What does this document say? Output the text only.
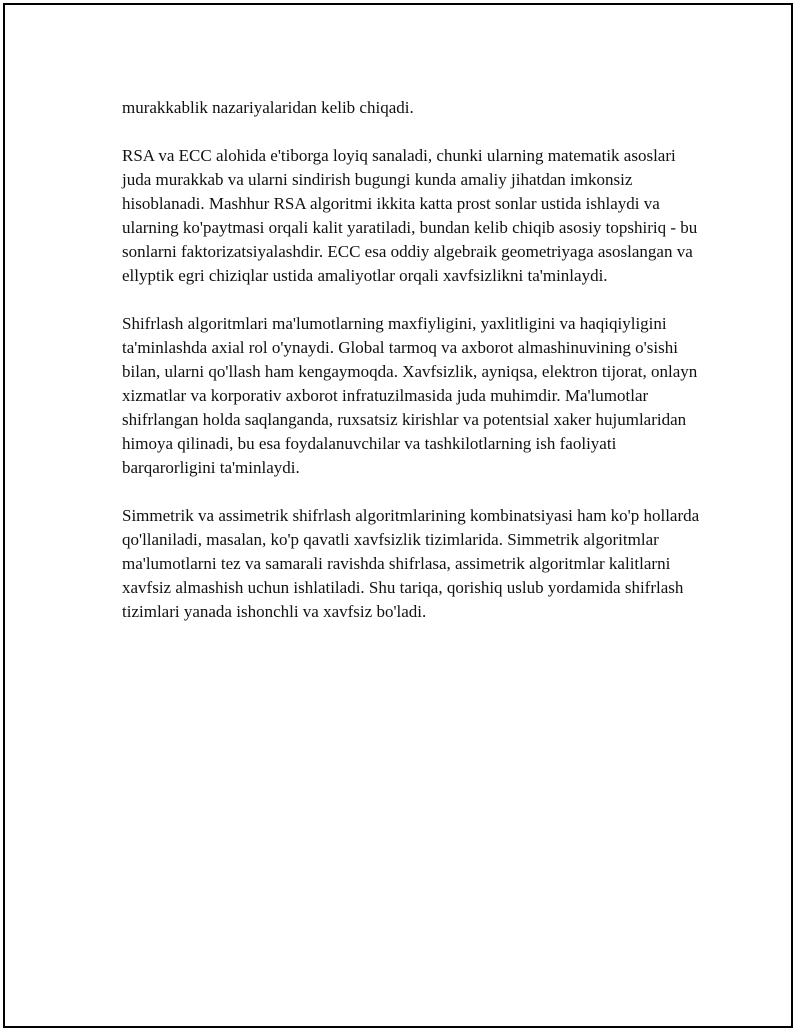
murakkablik nazariyalaridan kelib chiqadi.

RSA va ECC alohida e'tiborga loyiq sanaladi, chunki ularning matematik asoslari juda murakkab va ularni sindirish bugungi kunda amaliy jihatdan imkonsiz hisoblanadi. Mashhur RSA algoritmi ikkita katta prost sonlar ustida ishlaydi va ularning ko'paytmasi orqali kalit yaratiladi, bundan kelib chiqib asosiy topshiriq - bu sonlarni faktorizatsiyalashdir. ECC esa oddiy algebraik geometriyaga asoslangan va ellyptik egri chiziqlar ustida amaliyotlar orqali xavfsizlikni ta'minlaydi.

Shifrlash algoritmlari ma'lumotlarning maxfiyligini, yaxlitligini va haqiqiyligini ta'minlashda axial rol o'ynaydi. Global tarmoq va axborot almashinuvining o'sishi bilan, ularni qo'llash ham kengaymoqda. Xavfsizlik, ayniqsa, elektron tijorat, onlayn xizmatlar va korporativ axborot infratuzilmasida juda muhimdir. Ma'lumotlar shifrlangan holda saqlanganda, ruxsatsiz kirishlar va potentsial xaker hujumlaridan himoya qilinadi, bu esa foydalanuvchilar va tashkilotlarning ish faoliyati barqarorligini ta'minlaydi.

Simmetrik va assimetrik shifrlash algoritmlarining kombinatsiyasi ham ko'p hollarda qo'llaniladi, masalan, ko'p qavatli xavfsizlik tizimlarida. Simmetrik algoritmlar ma'lumotlarni tez va samarali ravishda shifrlasa, assimetrik algoritmlar kalitlarni xavfsiz almashish uchun ishlatiladi. Shu tariqa, qorishiq uslub yordamida shifrlash tizimlari yanada ishonchli va xavfsiz bo'ladi.
